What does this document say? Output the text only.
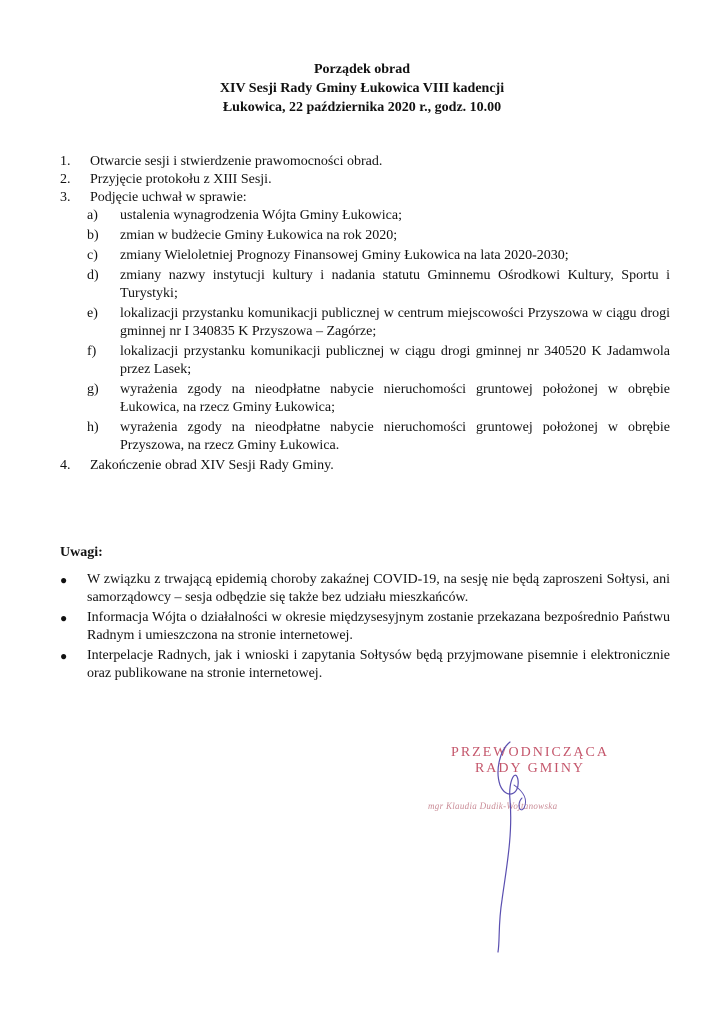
Porządek obrad
XIV Sesji Rady Gminy Łukowica VIII kadencji
Łukowica, 22 października 2020 r., godz. 10.00
1. Otwarcie sesji i stwierdzenie prawomocności obrad.
2. Przyjęcie protokołu z XIII Sesji.
3. Podjęcie uchwał w sprawie:
a) ustalenia wynagrodzenia Wójta Gminy Łukowica;
b) zmian w budżecie Gminy Łukowica na rok 2020;
c) zmiany Wieloletniej Prognozy Finansowej Gminy Łukowica na lata 2020-2030;
d) zmiany nazwy instytucji kultury i nadania statutu Gminnemu Ośrodkowi Kultury, Sportu i Turystyki;
e) lokalizacji przystanku komunikacji publicznej w centrum miejscowości Przyszowa w ciągu drogi gminnej nr I 340835 K Przyszowa – Zagórze;
f) lokalizacji przystanku komunikacji publicznej w ciągu drogi gminnej nr 340520 K Jadamwola przez Lasek;
g) wyrażenia zgody na nieodpłatne nabycie nieruchomości gruntowej położonej w obrębie Łukowica, na rzecz Gminy Łukowica;
h) wyrażenia zgody na nieodpłatne nabycie nieruchomości gruntowej położonej w obrębie Przyszowa, na rzecz Gminy Łukowica.
4. Zakończenie obrad XIV Sesji Rady Gminy.
Uwagi:
● W związku z trwającą epidemią choroby zakaźnej COVID-19, na sesję nie będą zaproszeni Sołtysi, ani samorządowcy – sesja odbędzie się także bez udziału mieszkańców.
● Informacja Wójta o działalności w okresie międzysesyjnym zostanie przekazana bezpośrednio Państwu Radnym i umieszczona na stronie internetowej.
● Interpelacje Radnych, jak i wnioski i zapytania Sołtysów będą przyjmowane pisemnie i elektronicznie oraz publikowane na stronie internetowej.
PRZEWODNICZĄCA
RADY GMINY
mgr Klaudia Dudik-Wojtanowska
